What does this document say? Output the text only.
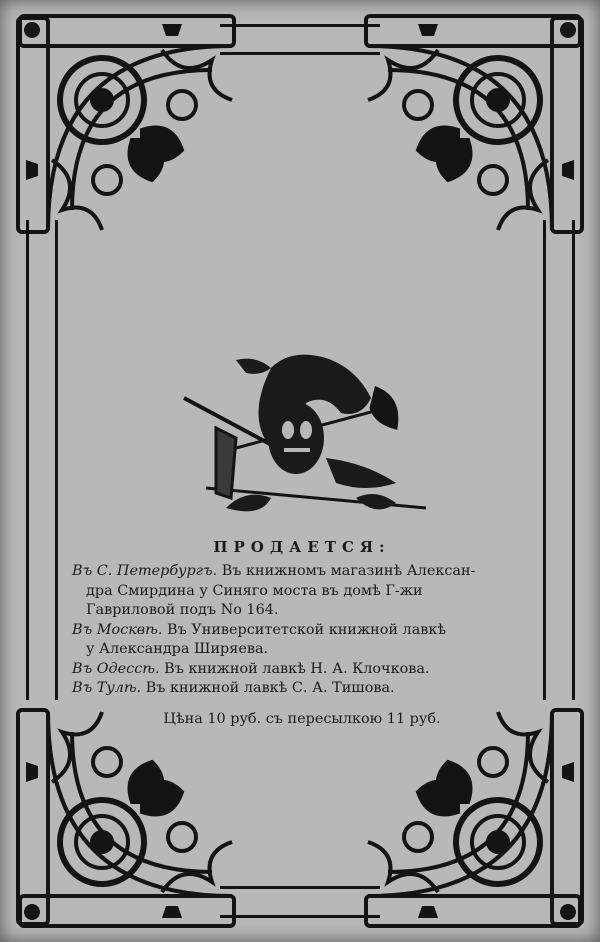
ПРОДАЕТСЯ:

Въ С. Петербургъ. Въ книжномъ магазинѣ Алексан-
дра Смирдина у Синяго моста въ домѣ Г-жи
Гавриловой подъ No 164.

Въ Москвѣ. Въ Университетской книжной лавкѣ
у Александра Ширяева.

Въ Одессѣ. Въ книжной лавкѣ Н. А. Клочкова.

Въ Тулѣ. Въ книжной лавкѣ С. А. Тишова.

Цѣна 10 руб. съ пересылкою 11 руб.
